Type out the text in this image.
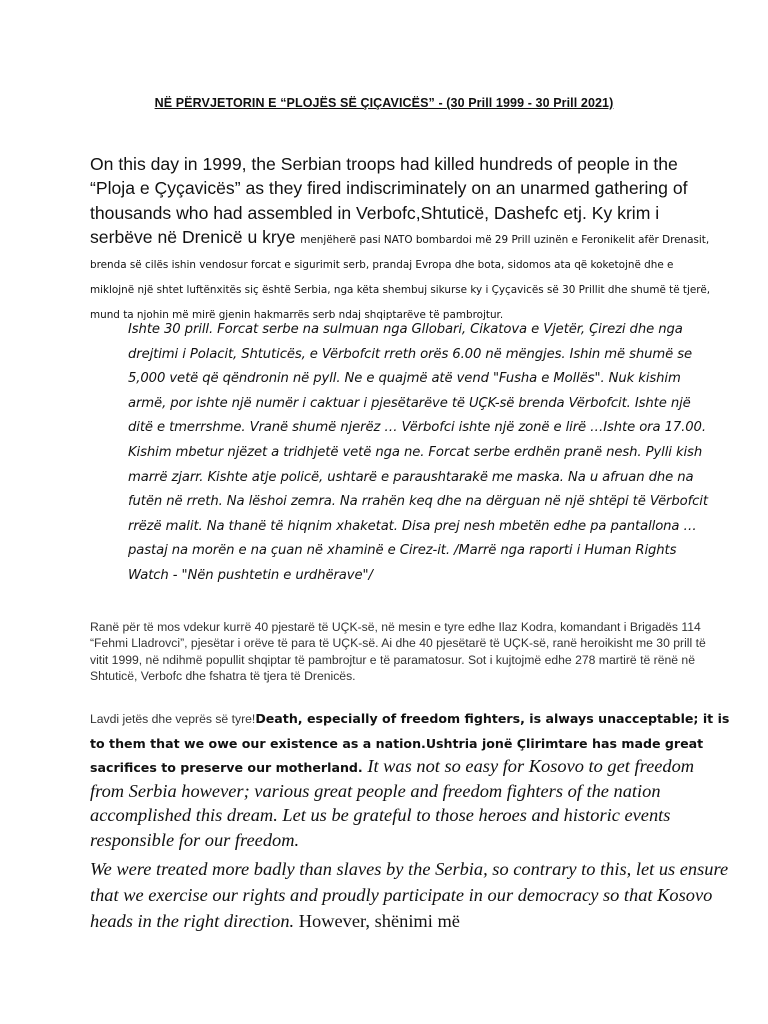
NË PËRVJETORIN E “PLOJËS SË ÇIÇAVICËS” - (30 Prill 1999 - 30 Prill 2021)
On this day in 1999, the Serbian troops had killed hundreds of people in the “Ploja e Çyçavicës” as they fired indiscriminately on an unarmed gathering of thousands who had assembled in Verbofc,Shtuticë, Dashefc etj. Ky krim i serbëve në Drenicë u krye menjëherë pasi NATO bombardoi më 29 Prill uzinën e Feronikelit afër Drenasit, brenda së cilës ishin vendosur forcat e sigurimit serb, prandaj Evropa dhe bota, sidomos ata që koketojnë dhe e miklojnë një shtet luftënxitës siç është Serbia, nga këta shembuj sikurse ky i Çyçavicës së 30 Prillit dhe shumë të tjerë, mund ta njohin më mirë gjenin hakmarrës serb ndaj shqiptarëve të pambrojtur.
Ishte 30 prill. Forcat serbe na sulmuan nga Gllobari, Cikatova e Vjetër, Çirezi dhe nga drejtimi i Polacit, Shtuticës, e Vërbofcit rreth orës 6.00 në mëngjes. Ishin më shumë se 5,000 vetë që qëndronin në pyll. Ne e quajmë atë vend "Fusha e Mollës". Nuk kishim armë, por ishte një numër i caktuar i pjesëtarëve të UÇK-së brenda Vërbofcit. Ishte një ditë e tmerrshme. Vranë shumë njerëz … Vërbofci ishte një zonë e lirë …Ishte ora 17.00. Kishim mbetur njëzet a tridhjetë vetë nga ne. Forcat serbe erdhën pranë nesh. Pylli kish marrë zjarr. Kishte atje policë, ushtarë e paraushtarakë me maska. Na u afruan dhe na futën në rreth. Na lëshoi zemra. Na rrahën keq dhe na dërguan në një shtëpi të Vërbofcit rrëzë malit. Na thanë të hiqnim xhaketat. Disa prej nesh mbetën edhe pa pantallona … pastaj na morën e na çuan në xhaminë e Cirez-it. /Marrë nga raporti i Human Rights Watch - "Nën pushtetin e urdhërave"/
Ranë për të mos vdekur kurrë 40 pjestarë të UÇK-së, në mesin e tyre edhe Ilaz Kodra, komandant i Brigadës 114 “Fehmi Lladrovci”, pjesëtar i orëve të para të UÇK-së. Ai dhe 40 pjesëtarë të UÇK-së, ranë heroikisht me 30 prill të vitit 1999, në ndihmë popullit shqiptar të pambrojtur e të paramatosur. Sot i kujtojmë edhe 278 martirë të rënë në Shtuticë, Verbofc dhe fshatra të tjera të Drenicës.
Lavdi jetës dhe veprës së tyre!Death, especially of freedom fighters, is always unacceptable; it is to them that we owe our existence as a nation.Ushtria jonë Çlirimtare has made great sacrifices to preserve our motherland. It was not so easy for Kosovo to get freedom from Serbia however; various great people and freedom fighters of the nation accomplished this dream. Let us be grateful to those heroes and historic events responsible for our freedom.
We were treated more badly than slaves by the Serbia, so contrary to this, let us ensure that we exercise our rights and proudly participate in our democracy so that Kosovo heads in the right direction. However, shënimi më
